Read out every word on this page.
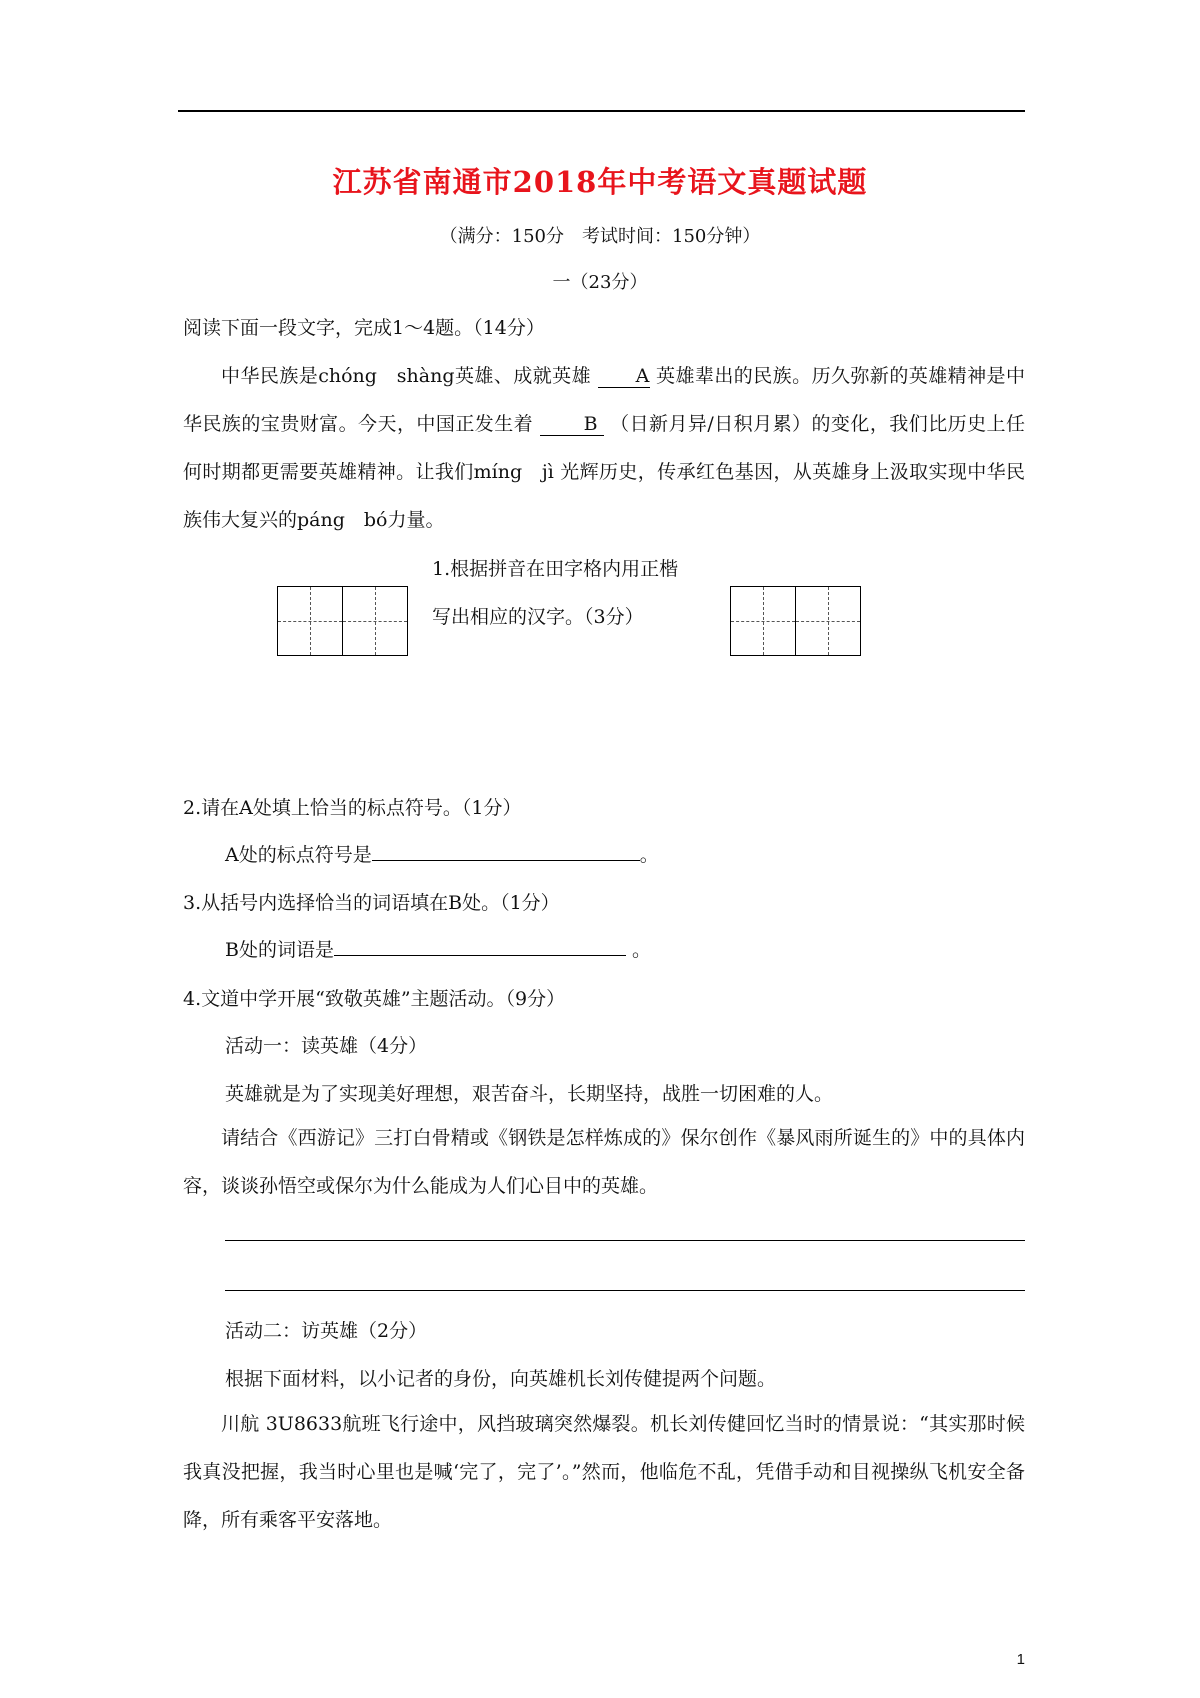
江苏省南通市2018年中考语文真题试题
（满分：150分　考试时间：150分钟）
一（23分）
阅读下面一段文字，完成1～4题。（14分）
中华民族是chóng　shàng英雄、成就英雄 A 英雄辈出的民族。历久弥新的英雄精神是中华民族的宝贵财富。今天，中国正发生着	B （日新月异/日积月累）的变化，我们比历史上任何时期都更需要英雄精神。让我们míng　jì 光辉历史，传承红色基因，从英雄身上汲取实现中华民族伟大复兴的páng　bó力量。
1.根据拼音在田字格内用正楷
写出相应的汉字。（3分）
2.请在A处填上恰当的标点符号。（1分）
A处的标点符号是	。
3.从括号内选择恰当的词语填在B处。（1分）
B处的词语是	。
4.文道中学开展“致敬英雄”主题活动。（9分）
活动一：读英雄（4分）
英雄就是为了实现美好理想，艰苦奋斗，长期坚持，战胜一切困难的人。
请结合《西游记》三打白骨精或《钢铁是怎样炼成的》保尔创作《暴风雨所诞生的》中的具体内容，谈谈孙悟空或保尔为什么能成为人们心目中的英雄。
活动二：访英雄（2分）
根据下面材料，以小记者的身份，向英雄机长刘传健提两个问题。
川航 3U8633航班飞行途中，风挡玻璃突然爆裂。机长刘传健回忆当时的情景说：“其实那时候我真没把握，我当时心里也是喊‘完了，完了’。”然而，他临危不乱，凭借手动和目视操纵飞机安全备降，所有乘客平安落地。
1
